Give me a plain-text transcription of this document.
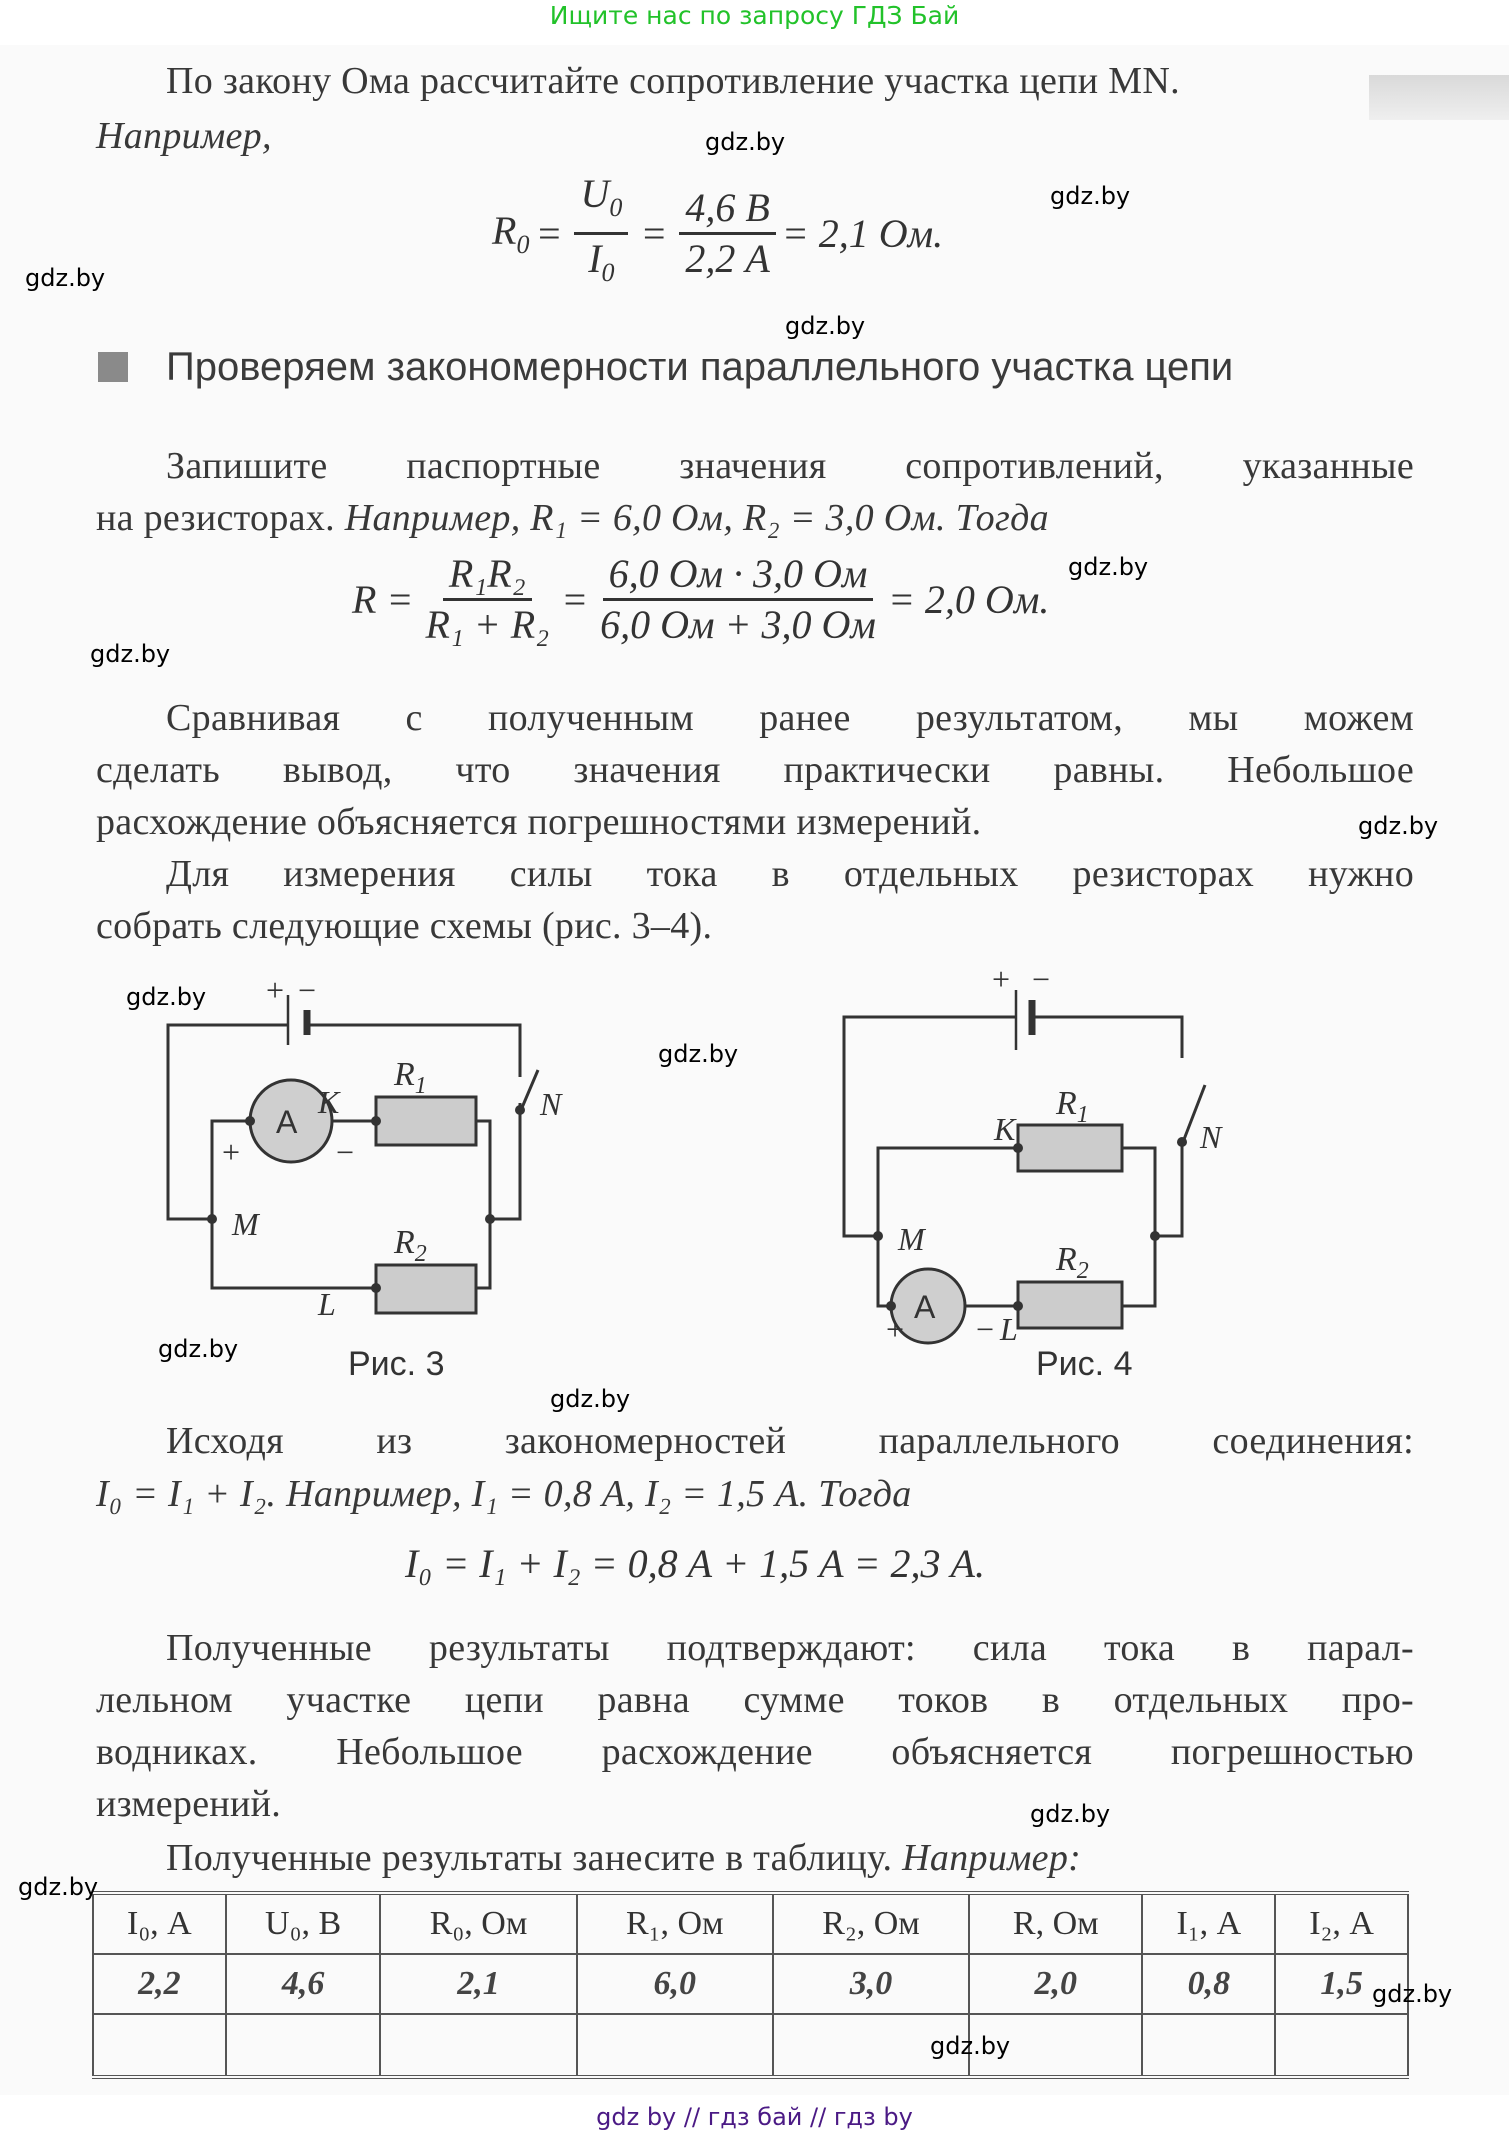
Ищите нас по запросу ГДЗ Бай
По закону Ома рассчитайте сопротивление участка цепи MN.
Например,
$R_0 = \frac{U_0}{I_0} = \frac{4,6 В}{2,2 А} = 2,1$ Ом.
Проверяем закономерности параллельного участка цепи
Запишите паспортные значения сопротивлений, указанные
на резисторах. Например, R₁ = 6,0 Ом, R₂ = 3,0 Ом. Тогда
$R = \frac{\text{R₁R₂}}{\text{R₁ + R₂}} = \frac{6,0 Ом \cdot 3,0 Ом}{6,0 Ом + 3,0 Ом} = 2,0$ Ом.
Сравнивая с полученным ранее результатом, мы можем
сделать вывод, что значения практически равны. Небольшое
расхождение объясняется погрешностями измерений.
Для измерения силы тока в отдельных резисторах нужно
собрать следующие схемы (рис. 3–4).
+ −
A
+	−
K
M
N
L
$R_1$
$R_2$
Рис. 3
+ −
A
+ −
K
M
N
L
$R_1$
$R_2$
Рис. 4
Исходя из закономерностей параллельного соединения:
I₀ = I₁ + I₂. Например, I₁ = 0,8 А, I₂ = 1,5 А. Тогда
I₀ = I₁ + I₂ = 0,8 А + 1,5 А = 2,3 А.
Полученные результаты подтверждают: сила тока в парал-
лельном участке цепи равна сумме токов в отдельных про-
водниках. Небольшое расхождение объясняется погрешностью
измерений.
Полученные результаты занесите в таблицу. Например:
I₀, А	U₀, В	R₀, Ом	R₁, Ом	R₂, Ом	R, Ом	I₁, А	I₂, А
2,2	4,6	2,1	6,0	3,0	2,0	0,8	1,5

gdz.by
gdz.by
gdz.by
gdz.by
gdz.by
gdz.by
gdz.by
gdz.by
gdz.by
gdz.by
gdz.by
gdz.by
gdz.by
gdz.by
gdz.by
gdz by // гдз бай // гдз by
